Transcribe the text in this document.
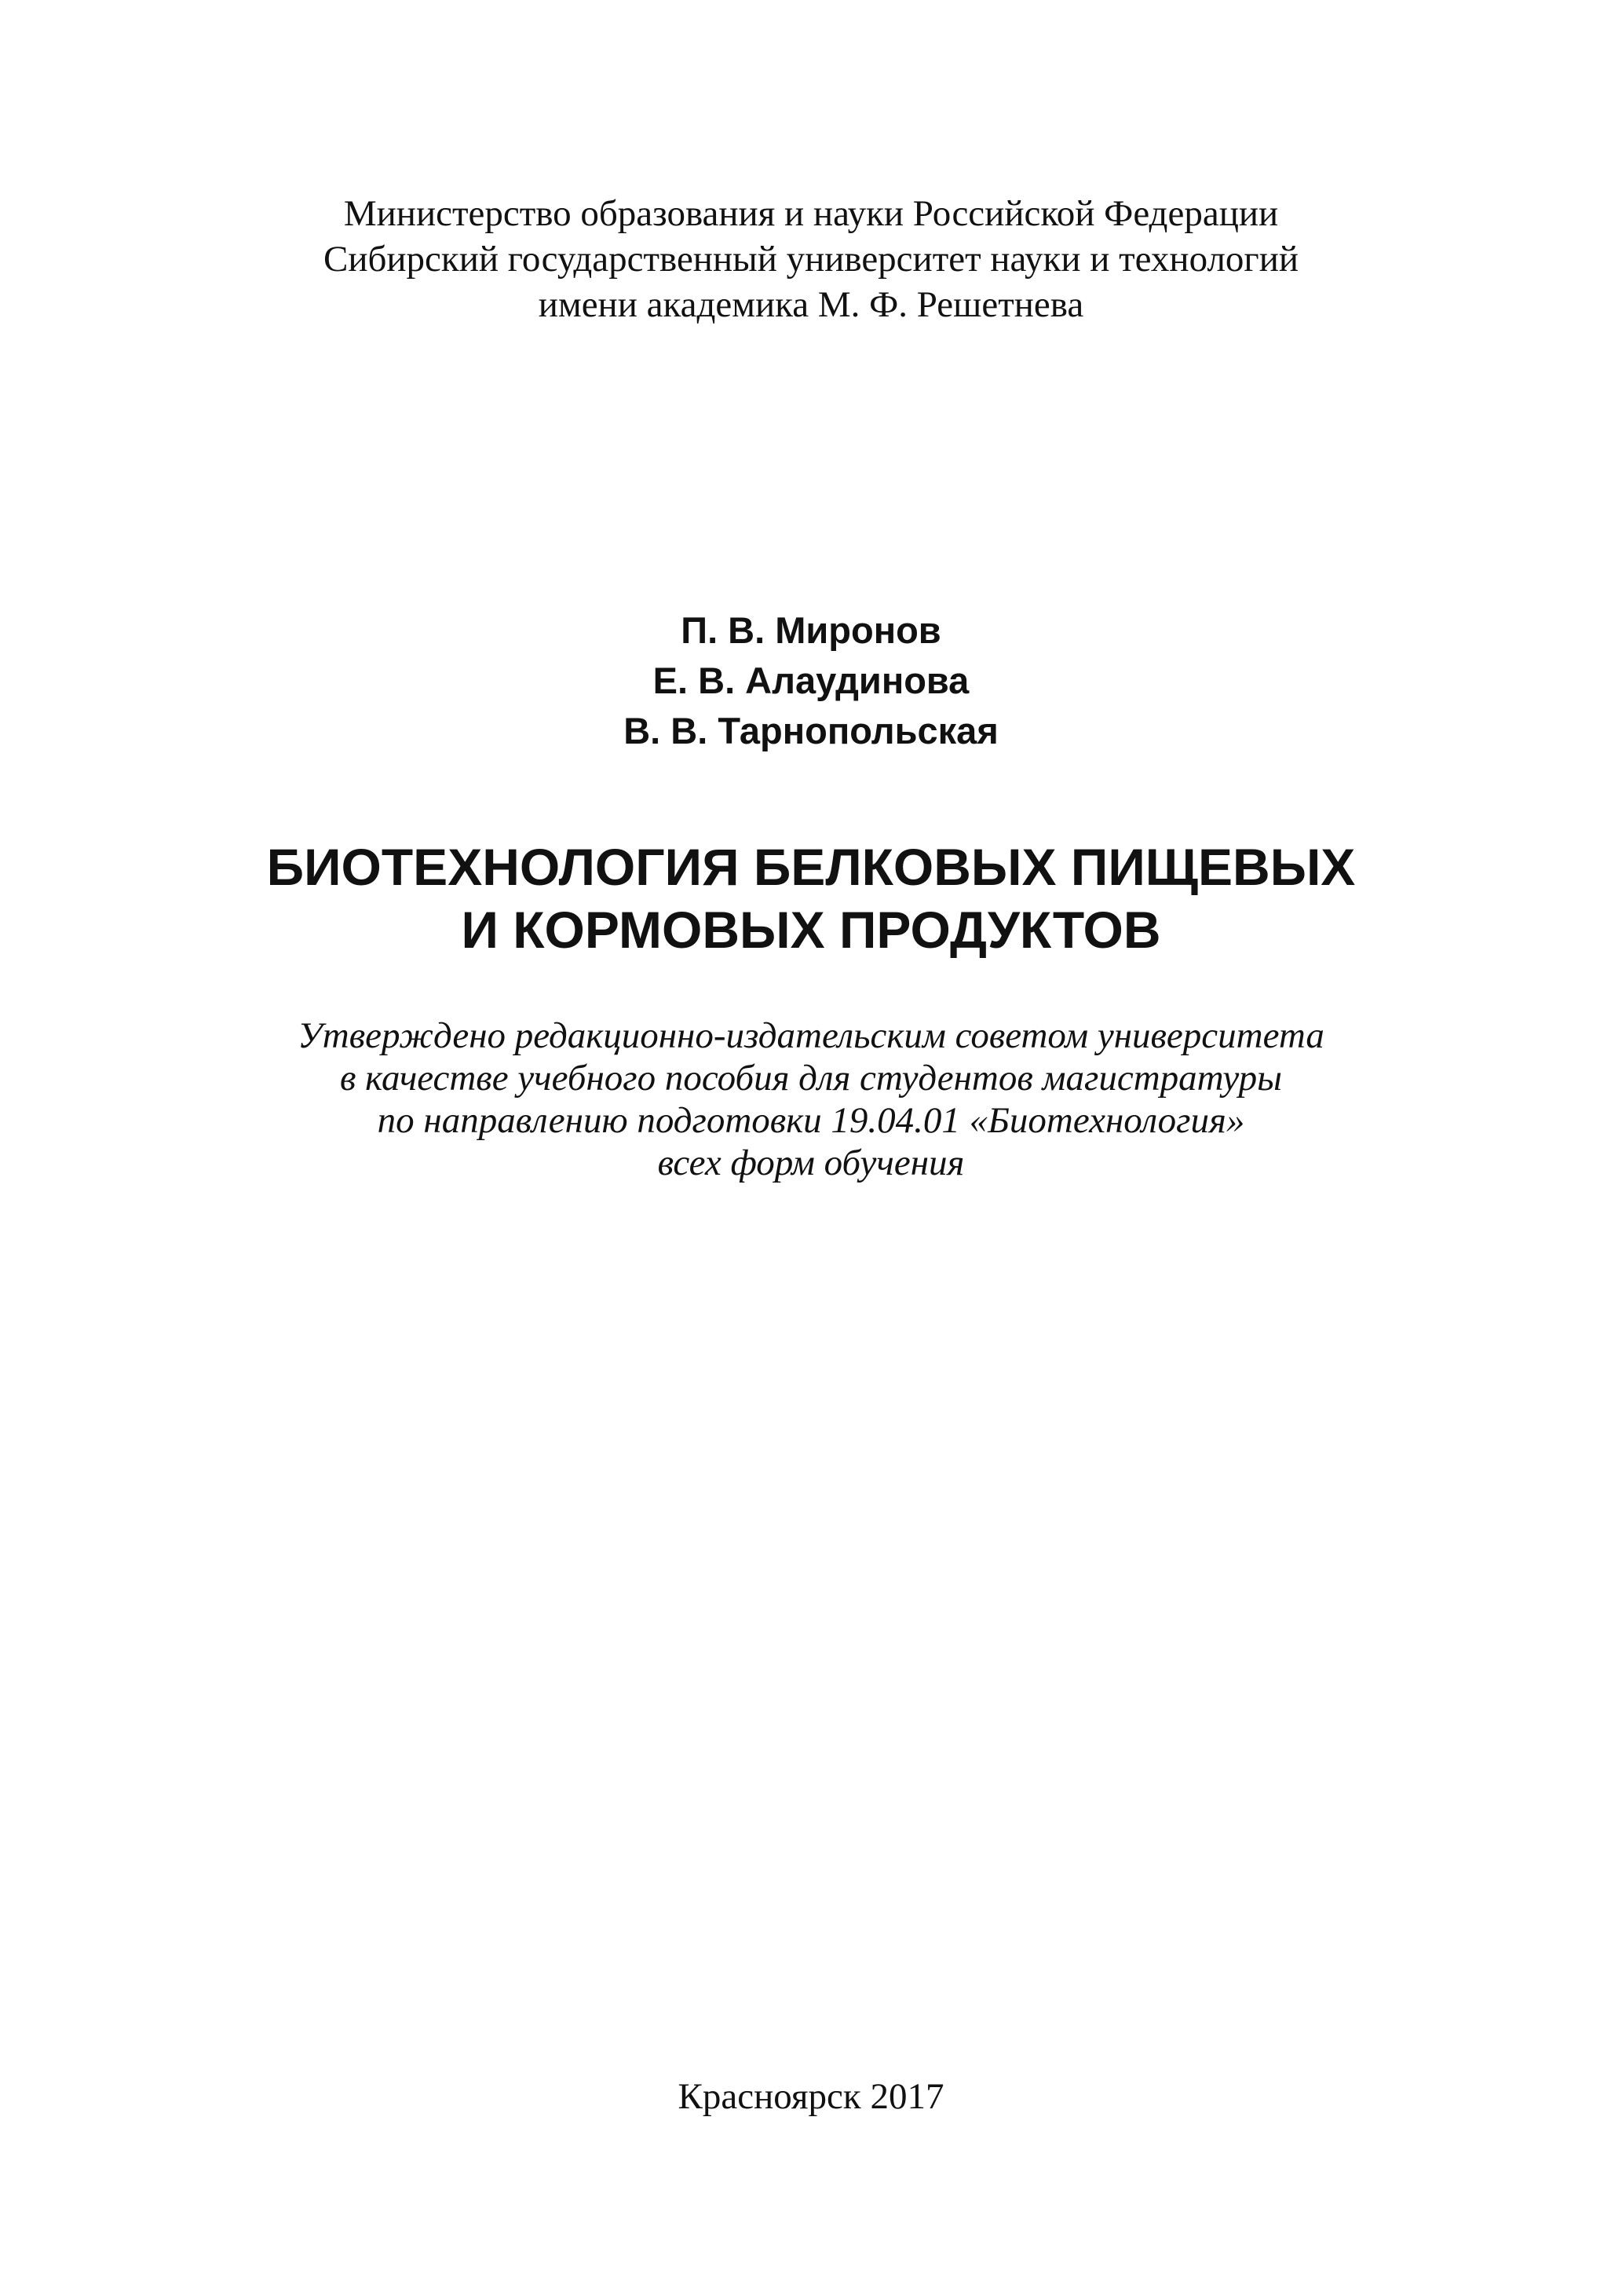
Министерство образования и науки Российской Федерации
Сибирский государственный университет науки и технологий
имени академика М. Ф. Решетнева
П. В. Миронов
Е. В. Алаудинова
В. В. Тарнопольская
БИОТЕХНОЛОГИЯ БЕЛКОВЫХ ПИЩЕВЫХ
И КОРМОВЫХ ПРОДУКТОВ
Утверждено редакционно-издательским советом университета
в качестве учебного пособия для студентов магистратуры
по направлению подготовки 19.04.01 «Биотехнология»
всех форм обучения
Красноярск 2017
